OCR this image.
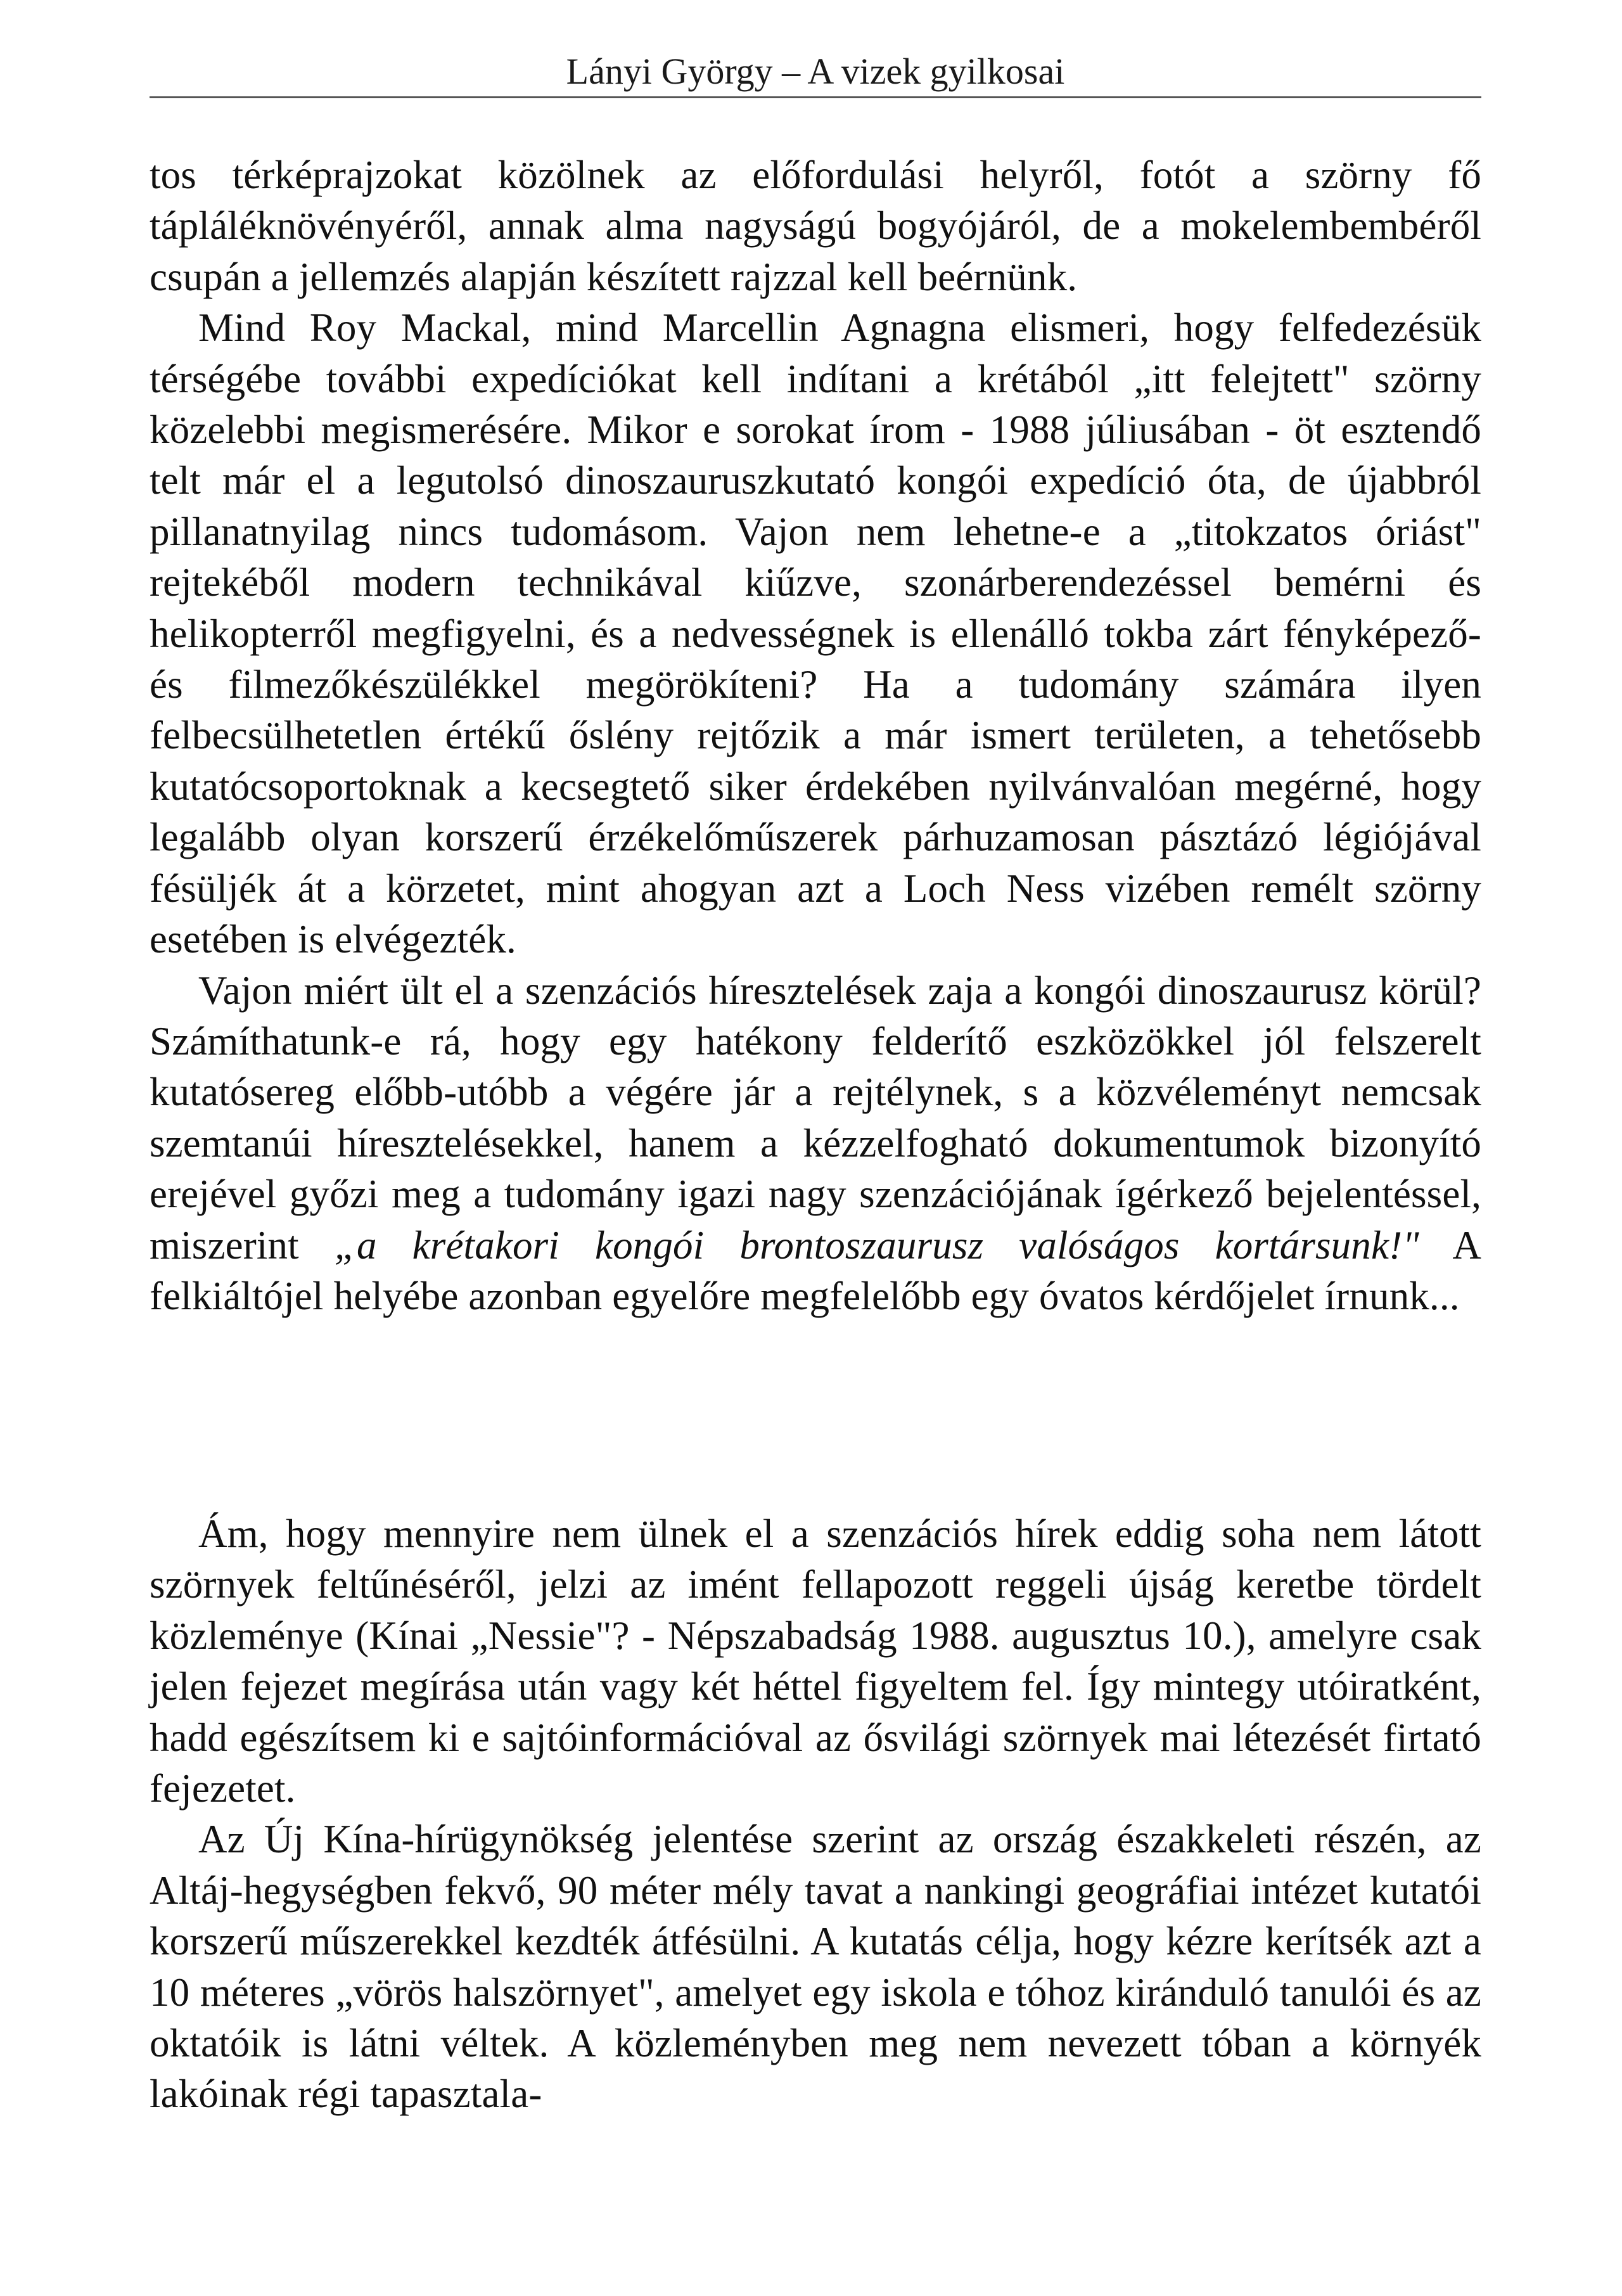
Lányi György – A vizek gyilkosai

tos térképrajzokat közölnek az előfordulási helyről, fotót a szörny fő tápláléknövényéről, annak alma nagyságú bogyójáról, de a mokelembembéről csupán a jellemzés alapján készített rajzzal kell beérnünk.

Mind Roy Mackal, mind Marcellin Agnagna elismeri, hogy felfedezésük térségébe további expedíciókat kell indítani a krétából „itt felejtett" szörny közelebbi megismerésére. Mikor e sorokat írom - 1988 júliusában - öt esztendő telt már el a legutolsó dinoszauruszkutató kongói expedíció óta, de újabbról pillanatnyilag nincs tudomásom. Vajon nem lehetne-e a „titokzatos óriást" rejtekéből modern technikával kiűzve, szonárberendezéssel bemérni és helikopterről megfigyelni, és a nedvességnek is ellenálló tokba zárt fényképező- és filmezőkészülékkel megörökíteni? Ha a tudomány számára ilyen felbecsülhetetlen értékű őslény rejtőzik a már ismert területen, a tehetősebb kutatócsoportoknak a kecsegtető siker érdekében nyilvánvalóan megérné, hogy legalább olyan korszerű érzékelőműszerek párhuzamosan pásztázó légiójával fésüljék át a körzetet, mint ahogyan azt a Loch Ness vizében remélt szörny esetében is elvégezték.

Vajon miért ült el a szenzációs híresztelések zaja a kongói dinoszaurusz körül? Számíthatunk-e rá, hogy egy hatékony felderítő eszközökkel jól felszerelt kutatósereg előbb-utóbb a végére jár a rejtélynek, s a közvéleményt nemcsak szemtanúi híresztelésekkel, hanem a kézzelfogható dokumentumok bizonyító erejével győzi meg a tudomány igazi nagy szenzációjának ígérkező bejelentéssel, miszerint „a krétakori kongói brontoszaurusz valóságos kortársunk!" A felkiáltójel helyébe azonban egyelőre megfelelőbb egy óvatos kérdőjelet írnunk...

Ám, hogy mennyire nem ülnek el a szenzációs hírek eddig soha nem látott szörnyek feltűnéséről, jelzi az imént fellapozott reggeli újság keretbe tördelt közleménye (Kínai „Nessie"? - Népszabadság 1988. augusztus 10.), amelyre csak jelen fejezet megírása után vagy két héttel figyeltem fel. Így mintegy utóiratként, hadd egészítsem ki e sajtóinformációval az ősvilági szörnyek mai létezését firtató fejezetet.

Az Új Kína-hírügynökség jelentése szerint az ország északkeleti részén, az Altáj-hegységben fekvő, 90 méter mély tavat a nankingi geográfiai intézet kutatói korszerű műszerekkel kezdték átfésülni. A kutatás célja, hogy kézre kerítsék azt a 10 méteres „vörös halszörnyet", amelyet egy iskola e tóhoz kiránduló tanulói és az oktatóik is látni véltek. A közleményben meg nem nevezett tóban a környék lakóinak régi tapasztala-
